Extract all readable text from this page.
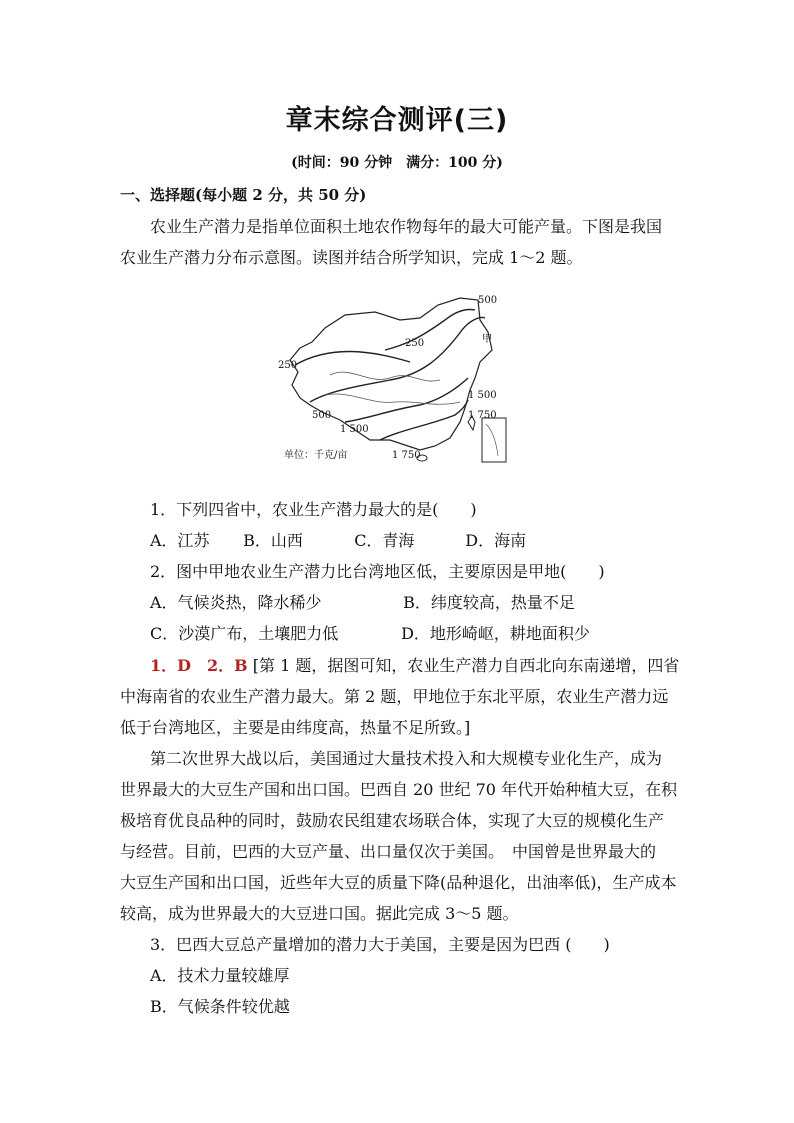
章末综合测评(三)
(时间：90 分钟　满分：100 分)
一、选择题(每小题 2 分，共 50 分)
农业生产潜力是指单位面积土地农作物每年的最大可能产量。下图是我国
农业生产潜力分布示意图。读图并结合所学知识，完成 1～2 题。
500
甲
250
250
1 500
500	1 750
1 500
1 750
单位：千克/亩
1．下列四省中，农业生产潜力最大的是(　　)
A．江苏 B．山西	C．青海	D．海南
2．图中甲地农业生产潜力比台湾地区低，主要原因是甲地(　　)
A．气候炎热，降水稀少	B．纬度较高，热量不足
C．沙漠广布，土壤肥力低	D．地形崎岖，耕地面积少
1．D　2．B [第 1 题，据图可知，农业生产潜力自西北向东南递增，四省
中海南省的农业生产潜力最大。第 2 题，甲地位于东北平原，农业生产潜力远
低于台湾地区，主要是由纬度高，热量不足所致。]
第二次世界大战以后，美国通过大量技术投入和大规模专业化生产，成为
世界最大的大豆生产国和出口国。巴西自 20 世纪 70 年代开始种植大豆，在积
极培育优良品种的同时，鼓励农民组建农场联合体，实现了大豆的规模化生产
与经营。目前，巴西的大豆产量、出口量仅次于美国。　中国曾是世界最大的
大豆生产国和出口国，近些年大豆的质量下降(品种退化，出油率低)，生产成本
较高，成为世界最大的大豆进口国。据此完成 3～5 题。
3．巴西大豆总产量增加的潜力大于美国，主要是因为巴西 (　　)
A．技术力量较雄厚
B．气候条件较优越
